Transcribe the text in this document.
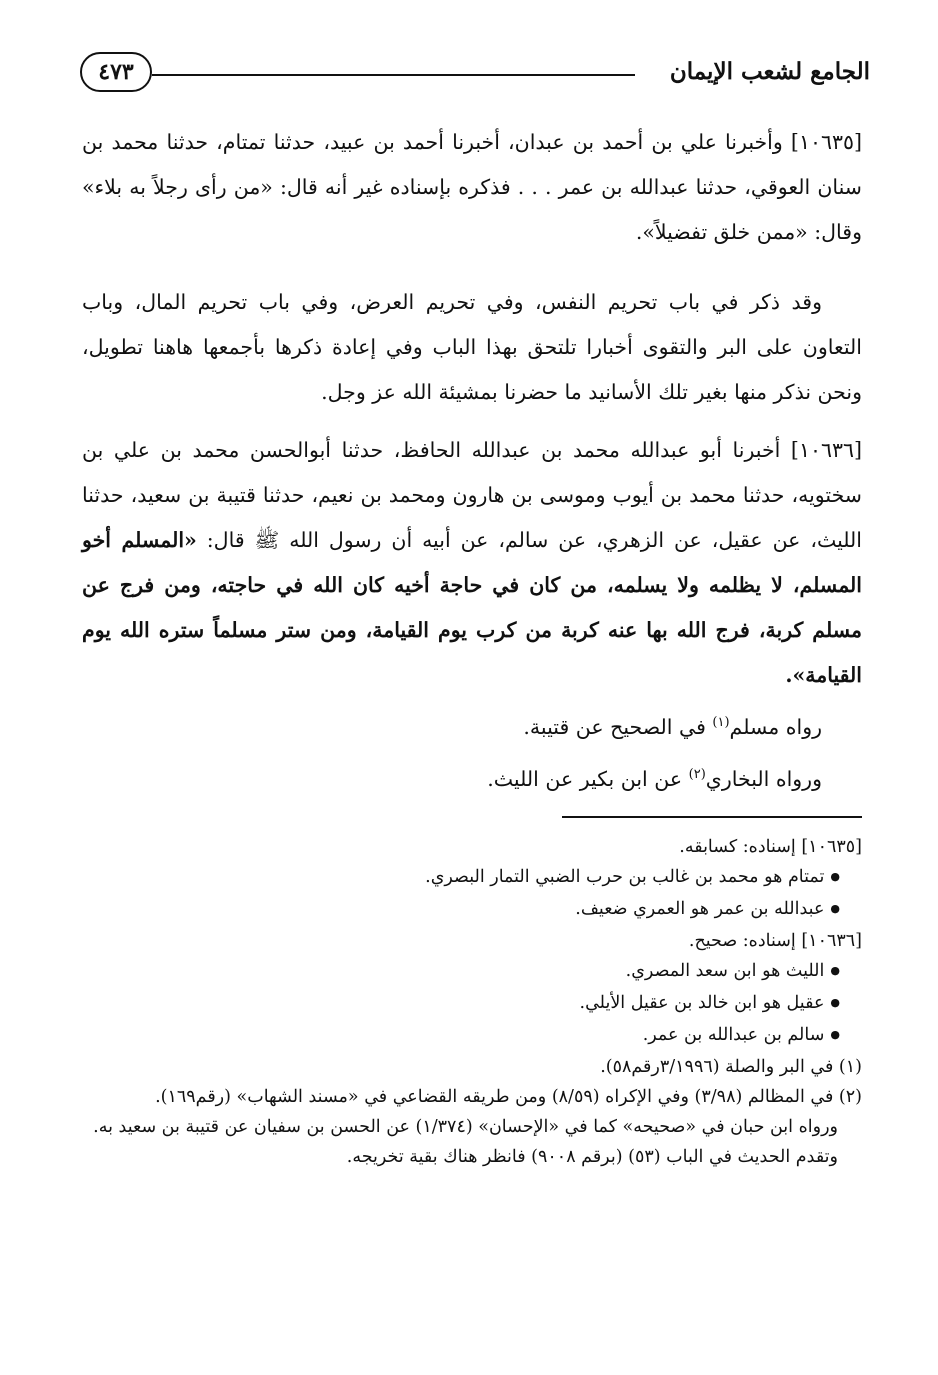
الجامع لشعب الإيمان
٤٧٣

[١٠٦٣٥] وأخبرنا علي بن أحمد بن عبدان، أخبرنا أحمد بن عبيد، حدثنا تمتام، حدثنا محمد بن سنان العوقي، حدثنا عبدالله بن عمر . . . فذكره بإسناده غير أنه قال: «من رأى رجلاً به بلاء» وقال: «ممن خلق تفضيلاً».

وقد ذكر في باب تحريم النفس، وفي تحريم العرض، وفي باب تحريم المال، وباب التعاون على البر والتقوى أخبارا تلتحق بهذا الباب وفي إعادة ذكرها بأجمعها هاهنا تطويل، ونحن نذكر منها بغير تلك الأسانيد ما حضرنا بمشيئة الله عز وجل.

[١٠٦٣٦] أخبرنا أبو عبدالله محمد بن عبدالله الحافظ، حدثنا أبوالحسن محمد بن علي بن سختويه، حدثنا محمد بن أيوب وموسى بن هارون ومحمد بن نعيم، حدثنا قتيبة بن سعيد، حدثنا الليث، عن عقيل، عن الزهري، عن سالم، عن أبيه أن رسول الله ﷺ قال: «المسلم أخو المسلم، لا يظلمه ولا يسلمه، من كان في حاجة أخيه كان الله في حاجته، ومن فرج عن مسلم كربة، فرج الله بها عنه كربة من كرب يوم القيامة، ومن ستر مسلماً ستره الله يوم القيامة».

رواه مسلم$^{(١)}$ في الصحيح عن قتيبة.

ورواه البخاري$^{(٢)}$ عن ابن بكير عن الليث.

[١٠٦٣٥] إسناده: كسابقه.
● تمتام هو محمد بن غالب بن حرب الضبي التمار البصري.
● عبدالله بن عمر هو العمري ضعيف.
[١٠٦٣٦] إسناده: صحيح.
● الليث هو ابن سعد المصري.
● عقيل هو ابن خالد بن عقيل الأيلي.
● سالم بن عبدالله بن عمر.
(١) في البر والصلة (٣/١٩٩٦رقم٥٨).
(٢) في المظالم (٣/٩٨) وفي الإكراه (٨/٥٩) ومن طريقه القضاعي في «مسند الشهاب» (رقم١٦٩).
ورواه ابن حبان في «صحيحه» كما في «الإحسان» (١/٣٧٤) عن الحسن بن سفيان عن قتيبة بن سعيد به.
وتقدم الحديث في الباب (٥٣) (برقم ٩٠٠٨) فانظر هناك بقية تخريجه.
